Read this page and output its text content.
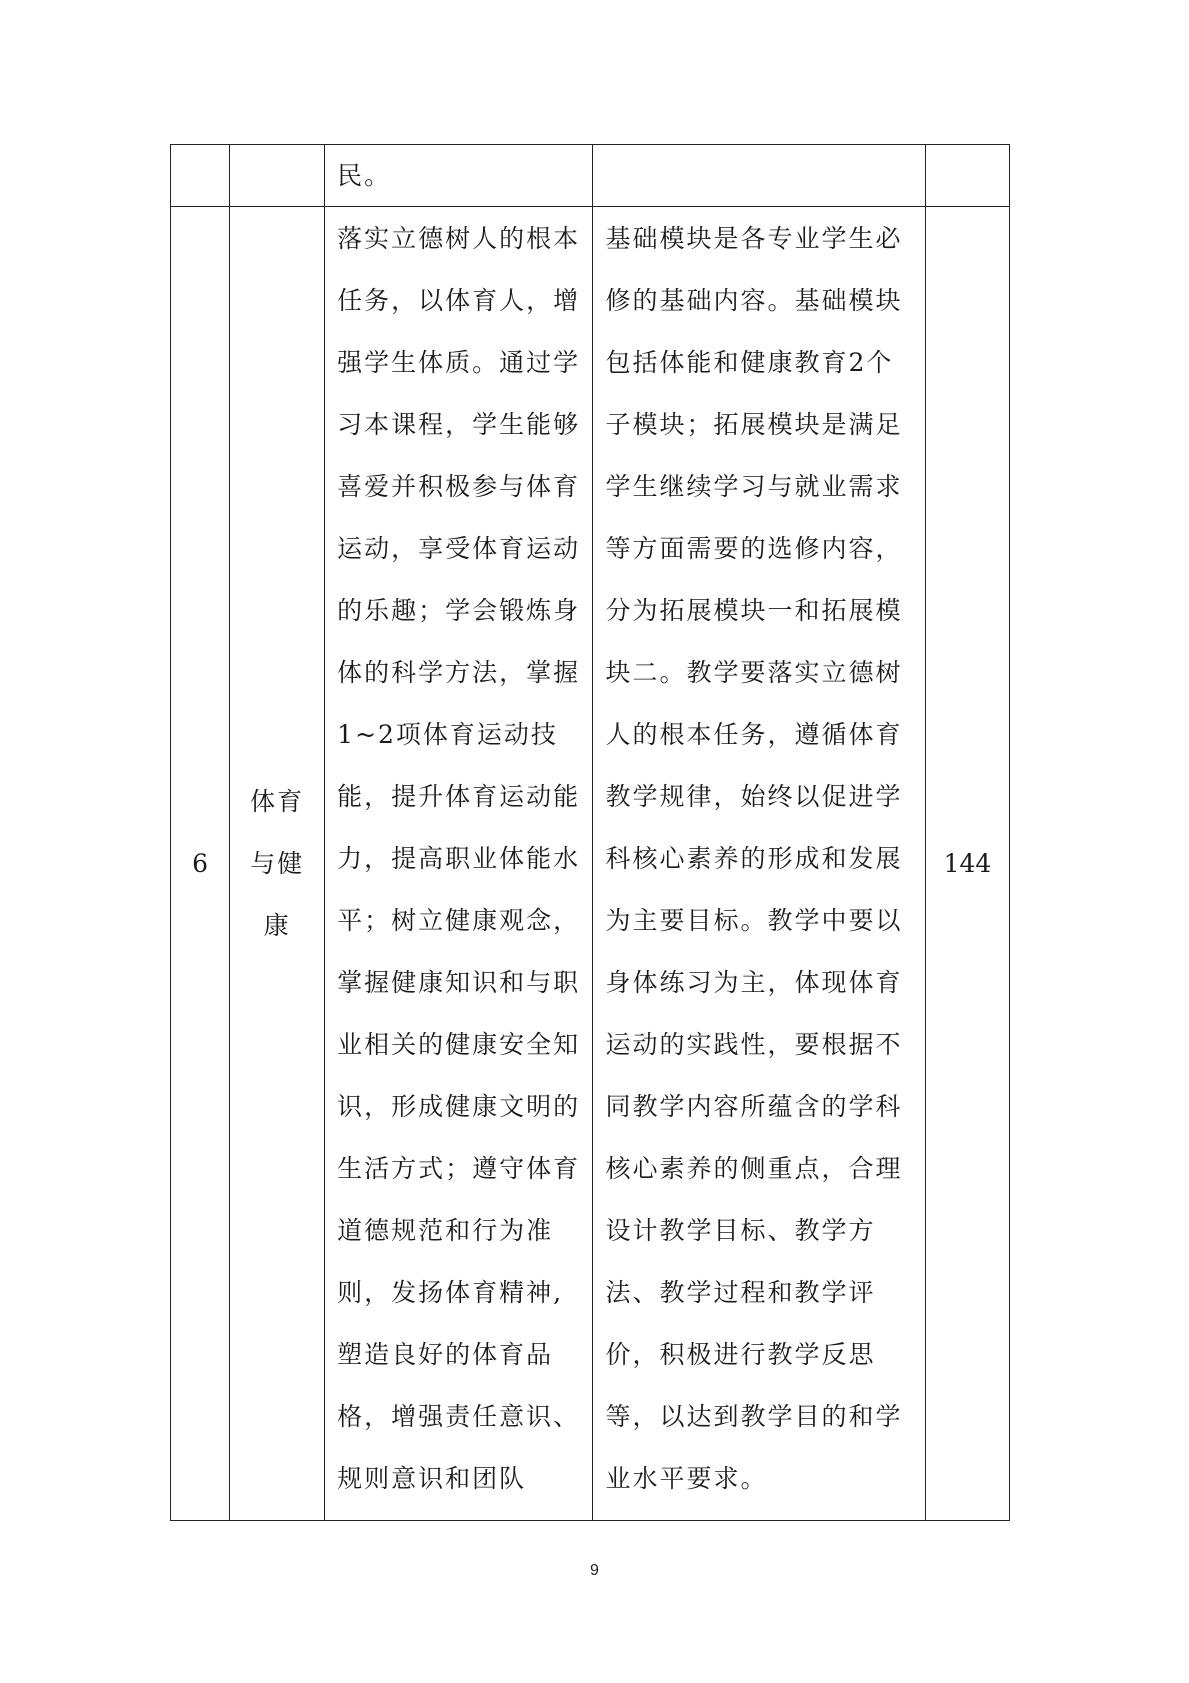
		民。		

6	体育与健康	落实立德树人的根本任务，以体育人，增强学生体质。通过学习本课程，学生能够喜爱并积极参与体育运动，享受体育运动的乐趣；学会锻炼身体的科学方法，掌握1~2项体育运动技能，提升体育运动能力，提高职业体能水平；树立健康观念，掌握健康知识和与职业相关的健康安全知识，形成健康文明的生活方式；遵守体育道德规范和行为准则，发扬体育精神,塑造良好的体育品格，增强责任意识、规则意识和团队	基础模块是各专业学生必修的基础内容。基础模块包括体能和健康教育2个子模块；拓展模块是满足学生继续学习与就业需求等方面需要的选修内容，分为拓展模块一和拓展模块二。教学要落实立德树人的根本任务，遵循体育教学规律，始终以促进学科核心素养的形成和发展为主要目标。教学中要以身体练习为主，体现体育运动的实践性，要根据不同教学内容所蕴含的学科核心素养的侧重点，合理设计教学目标、教学方法、教学过程和教学评价，积极进行教学反思等，以达到教学目的和学业水平要求。	144
9
